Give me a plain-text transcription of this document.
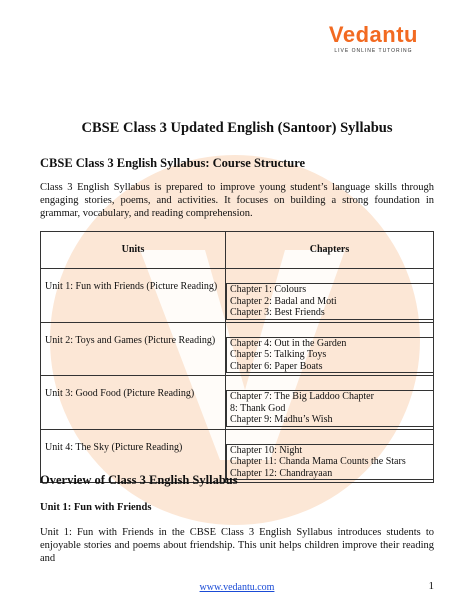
Vedantu
LIVE ONLINE TUTORING
CBSE Class 3 Updated English (Santoor) Syllabus
CBSE Class 3 English Syllabus: Course Structure
Class 3 English Syllabus is prepared to improve young student’s language skills through engaging stories, poems, and activities. It focuses on building a strong foundation in grammar, vocabulary, and reading comprehension.
Units	Chapters
Unit 1: Fun with Friends (Picture Reading)	Chapter 1: Colours
Chapter 2: Badal and Moti
Chapter 3: Best Friends

Unit 2: Toys and Games (Picture Reading)	Chapter 4: Out in the Garden
Chapter 5: Talking Toys
Chapter 6: Paper Boats

Unit 3: Good Food (Picture Reading)	Chapter 7: The Big Laddoo Chapter
8: Thank God
Chapter 9: Madhu’s Wish

Unit 4: The Sky (Picture Reading)	Chapter 10: Night
Chapter 11: Chanda Mama Counts the Stars
Chapter 12: Chandrayaan
Overview of Class 3 English Syllabus
Unit 1: Fun with Friends
Unit 1: Fun with Friends in the CBSE Class 3 English Syllabus introduces students to enjoyable stories and poems about friendship. This unit helps children improve their reading and
www.vedantu.com	1
